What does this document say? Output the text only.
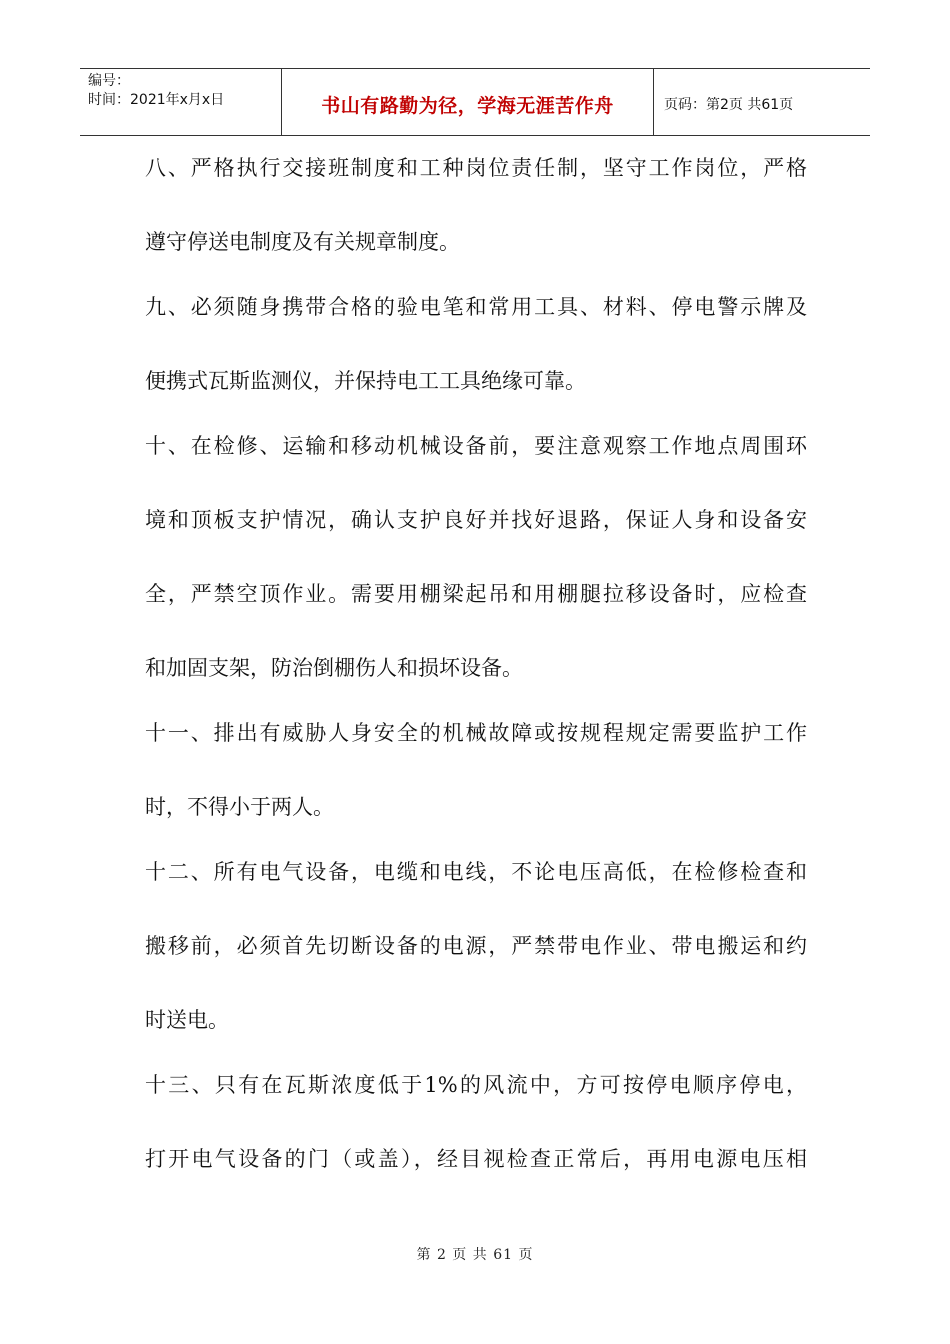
编号：
时间：2021年x月x日	书山有路勤为径，学海无涯苦作舟	页码：第2页 共61页
八、严格执行交接班制度和工种岗位责任制，坚守工作岗位，严格
遵守停送电制度及有关规章制度。
九、必须随身携带合格的验电笔和常用工具、材料、停电警示牌及
便携式瓦斯监测仪，并保持电工工具绝缘可靠。
十、在检修、运输和移动机械设备前，要注意观察工作地点周围环
境和顶板支护情况，确认支护良好并找好退路，保证人身和设备安
全，严禁空顶作业。需要用棚梁起吊和用棚腿拉移设备时，应检查
和加固支架，防治倒棚伤人和损坏设备。
十一、排出有威胁人身安全的机械故障或按规程规定需要监护工作
时，不得小于两人。
十二、所有电气设备，电缆和电线，不论电压高低，在检修检查和
搬移前，必须首先切断设备的电源，严禁带电作业、带电搬运和约
时送电。
十三、只有在瓦斯浓度低于1%的风流中，方可按停电顺序停电，
打开电气设备的门（或盖），经目视检查正常后，再用电源电压相
第 2 页 共 61 页
